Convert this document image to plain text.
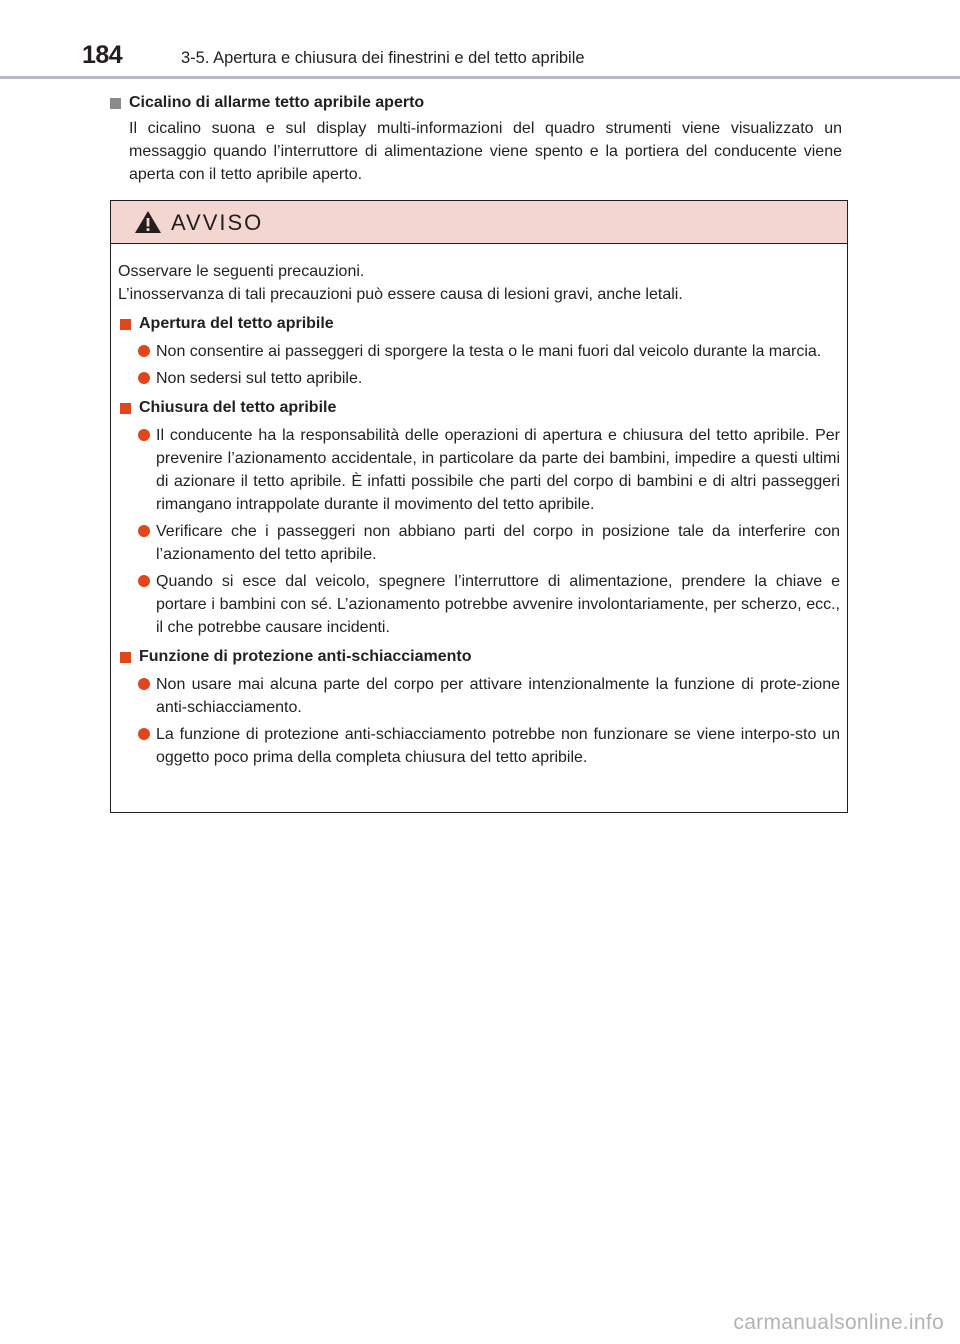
184	3-5. Apertura e chiusura dei finestrini e del tetto apribile
Cicalino di allarme tetto apribile aperto

Il cicalino suona e sul display multi-informazioni del quadro strumenti viene visualizzato un messaggio quando l’interruttore di alimentazione viene spento e la portiera del conducente viene aperta con il tetto apribile aperto.

AVVISO

Osservare le seguenti precauzioni.

L’inosservanza di tali precauzioni può essere causa di lesioni gravi, anche letali.

Apertura del tetto apribile
Non consentire ai passeggeri di sporgere la testa o le mani fuori dal veicolo durante la marcia.
Non sedersi sul tetto apribile.
Chiusura del tetto apribile
Il conducente ha la responsabilità delle operazioni di apertura e chiusura del tetto apribile. Per prevenire l’azionamento accidentale, in particolare da parte dei bambini, impedire a questi ultimi di azionare il tetto apribile. È infatti possibile che parti del corpo di bambini e di altri passeggeri rimangano intrappolate durante il movimento del tetto apribile.
Verificare che i passeggeri non abbiano parti del corpo in posizione tale da interferire con l’azionamento del tetto apribile.
Quando si esce dal veicolo, spegnere l’interruttore di alimentazione, prendere la chiave e portare i bambini con sé. L’azionamento potrebbe avvenire involontariamente, per scherzo, ecc., il che potrebbe causare incidenti.
Funzione di protezione anti-schiacciamento
Non usare mai alcuna parte del corpo per attivare intenzionalmente la funzione di prote-zione anti-schiacciamento.
La funzione di protezione anti-schiacciamento potrebbe non funzionare se viene interpo-sto un oggetto poco prima della completa chiusura del tetto apribile.
carmanualsonline.info
